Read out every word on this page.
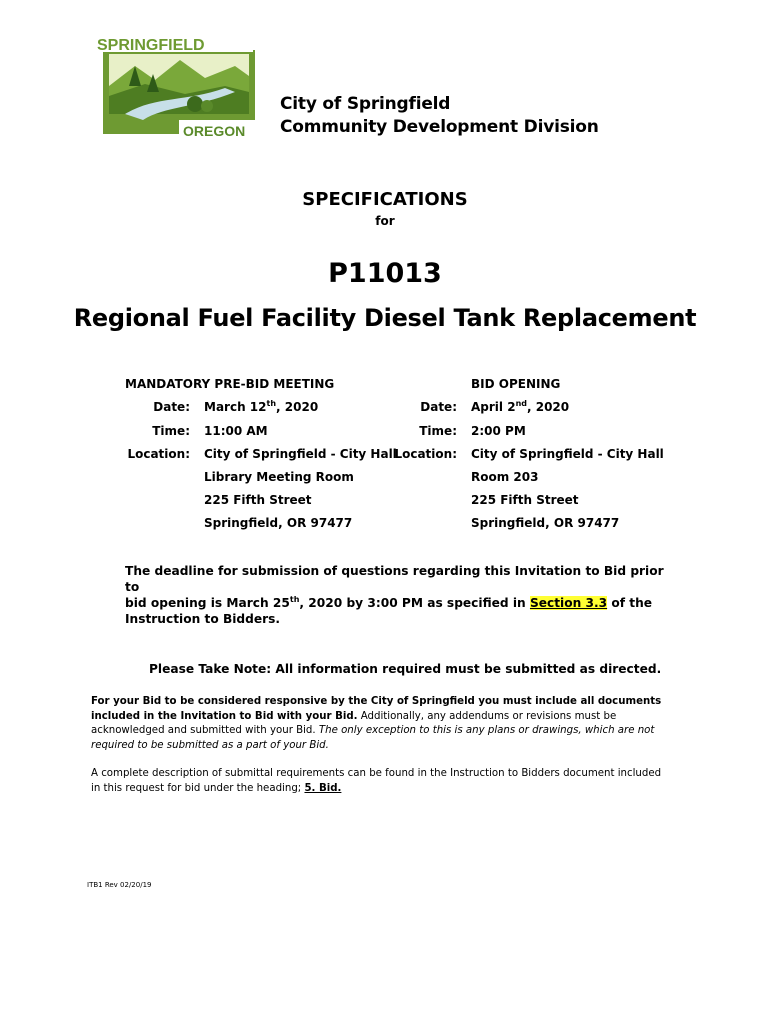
SPRINGFIELD
OREGON
City of Springfield
Community Development Division
SPECIFICATIONS
for
P11013
Regional Fuel Facility Diesel Tank Replacement
MANDATORY PRE-BID MEETING
Date: March 12th, 2020
Time: 11:00 AM
Location: City of Springfield - City Hall
Library Meeting Room
225 Fifth Street
Springfield, OR 97477
BID OPENING
Date: April 2nd, 2020
Time: 2:00 PM
Location: City of Springfield - City Hall
Room 203
225 Fifth Street
Springfield, OR 97477
The deadline for submission of questions regarding this Invitation to Bid prior to
bid opening is March 25th, 2020 by 3:00 PM as specified in Section 3.3 of the
Instruction to Bidders.
Please Take Note: All information required must be submitted as directed.
For your Bid to be considered responsive by the City of Springfield you must include all documents included in the Invitation to Bid with your Bid. Additionally, any addendums or revisions must be acknowledged and submitted with your Bid. The only exception to this is any plans or drawings, which are not required to be submitted as a part of your Bid.
A complete description of submittal requirements can be found in the Instruction to Bidders document included in this request for bid under the heading; 5. Bid.
ITB1 Rev 02/20/19
